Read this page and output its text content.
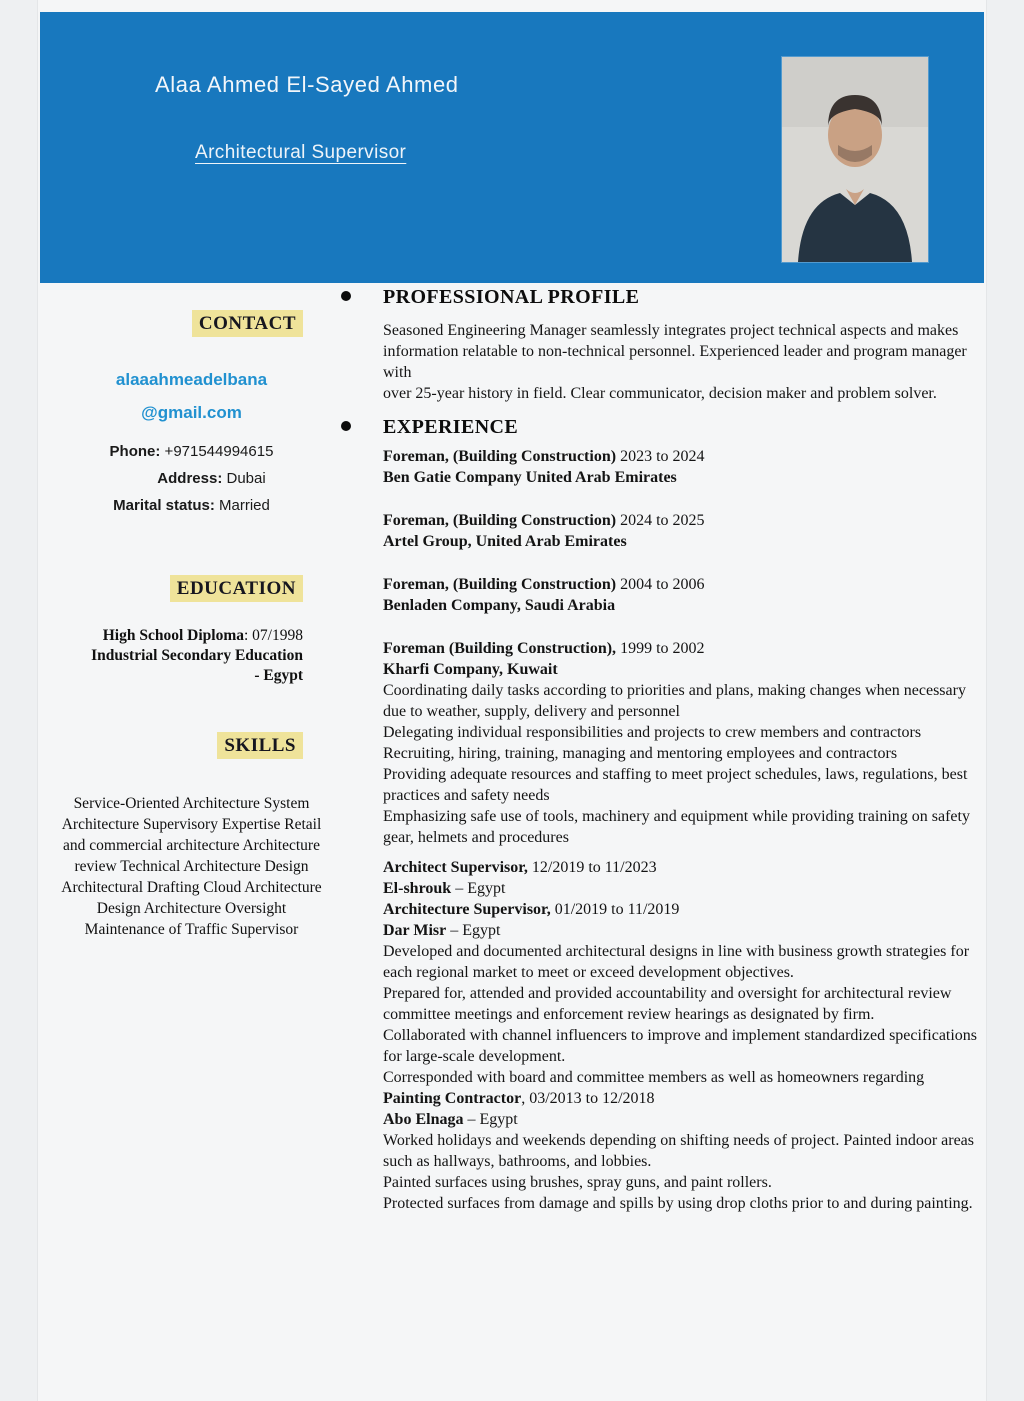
Alaa Ahmed El-Sayed Ahmed
Architectural Supervisor
CONTACT
alaaahmeadelbana
@gmail.com
Phone: +971544994615
Address: Dubai
Marital status: Married
EDUCATION
High School Diploma: 07/1998
Industrial Secondary Education
- Egypt
SKILLS
Service-Oriented Architecture System Architecture Supervisory Expertise Retail and commercial architecture Architecture review Technical Architecture Design Architectural Drafting Cloud Architecture Design Architecture Oversight Maintenance of Traffic Supervisor
PROFESSIONAL PROFILE
Seasoned Engineering Manager seamlessly integrates project technical aspects and makes
information relatable to non-technical personnel. Experienced leader and program manager with
over 25-year history in field. Clear communicator, decision maker and problem solver.
EXPERIENCE
Foreman, (Building Construction) 2023 to 2024
Ben Gatie Company United Arab Emirates
Foreman, (Building Construction) 2024 to 2025
Artel Group, United Arab Emirates
Foreman, (Building Construction) 2004 to 2006
Benladen Company, Saudi Arabia
Foreman (Building Construction), 1999 to 2002
Kharfi Company, Kuwait
Coordinating daily tasks according to priorities and plans, making changes when necessary due to weather, supply, delivery and personnel
Delegating individual responsibilities and projects to crew members and contractors
Recruiting, hiring, training, managing and mentoring employees and contractors
Providing adequate resources and staffing to meet project schedules, laws, regulations, best practices and safety needs
Emphasizing safe use of tools, machinery and equipment while providing training on safety gear, helmets and procedures
Architect Supervisor, 12/2019 to 11/2023
El-shrouk – Egypt
Architecture Supervisor, 01/2019 to 11/2019
Dar Misr – Egypt
Developed and documented architectural designs in line with business growth strategies for each regional market to meet or exceed development objectives.
Prepared for, attended and provided accountability and oversight for architectural review
committee meetings and enforcement review hearings as designated by firm.
Collaborated with channel influencers to improve and implement standardized specifications for large-scale development.
Corresponded with board and committee members as well as homeowners regarding
Painting Contractor, 03/2013 to 12/2018
Abo Elnaga – Egypt
Worked holidays and weekends depending on shifting needs of project. Painted indoor areas such as hallways, bathrooms, and lobbies.
Painted surfaces using brushes, spray guns, and paint rollers.
Protected surfaces from damage and spills by using drop cloths prior to and during painting.
